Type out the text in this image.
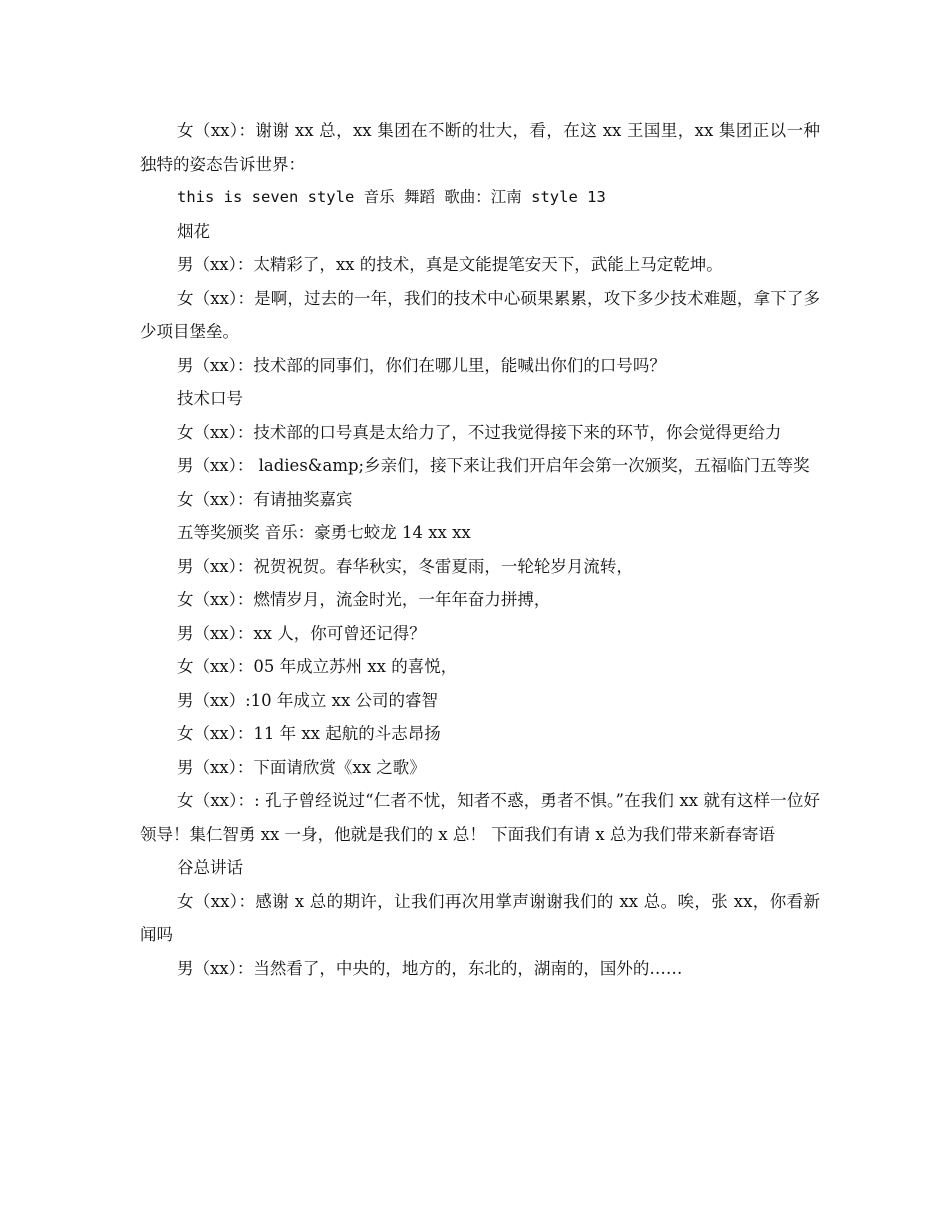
女（xx）：谢谢 xx 总，xx 集团在不断的壮大，看，在这 xx 王国里，xx 集团正以一种独特的姿态告诉世界：

this is seven style 音乐 舞蹈 歌曲：江南 style 13

烟花

男（xx）：太精彩了，xx 的技术，真是文能提笔安天下，武能上马定乾坤。

女（xx）：是啊，过去的一年，我们的技术中心硕果累累，攻下多少技术难题，拿下了多少项目堡垒。

男（xx）：技术部的同事们，你们在哪儿里，能喊出你们的口号吗？

技术口号

女（xx）：技术部的口号真是太给力了，不过我觉得接下来的环节，你会觉得更给力

男（xx）： ladies&amp;乡亲们，接下来让我们开启年会第一次颁奖，五福临门五等奖

女（xx）：有请抽奖嘉宾

五等奖颁奖 音乐：豪勇七蛟龙 14 xx xx

男（xx）：祝贺祝贺。春华秋实，冬雷夏雨，一轮轮岁月流转，

女（xx）：燃情岁月，流金时光，一年年奋力拼搏，

男（xx）：xx 人，你可曾还记得？

女（xx）：05 年成立苏州 xx 的喜悦，

男（xx）:10 年成立 xx 公司的睿智

女（xx）：11 年 xx 起航的斗志昂扬

男（xx）：下面请欣赏《xx 之歌》

女（xx）：: 孔子曾经说过“仁者不忧，知者不惑，勇者不惧。”在我们 xx 就有这样一位好领导！集仁智勇 xx 一身，他就是我们的 x 总！ 下面我们有请 x 总为我们带来新春寄语

谷总讲话

女（xx）：感谢 x 总的期许，让我们再次用掌声谢谢我们的 xx 总。唉，张 xx，你看新闻吗

男（xx）：当然看了，中央的，地方的，东北的，湖南的，国外的……
